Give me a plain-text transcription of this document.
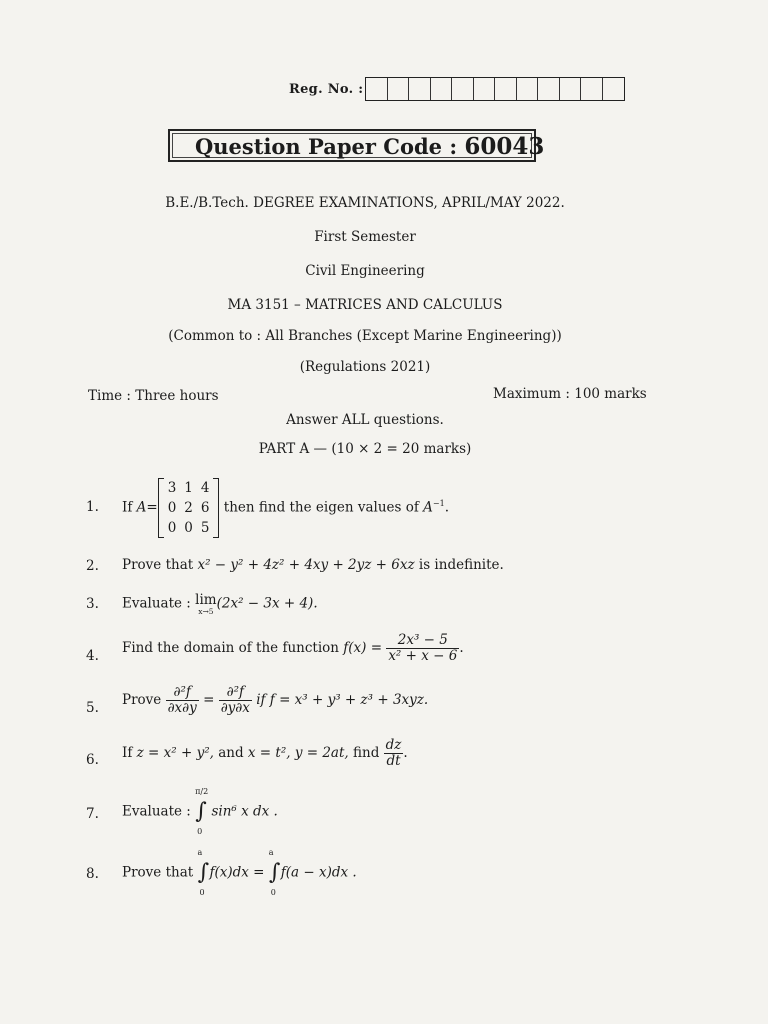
Reg. No. :
Question Paper Code : 60043
B.E./B.Tech. DEGREE EXAMINATIONS, APRIL/MAY 2022.
First Semester
Civil Engineering
MA 3151 – MATRICES AND CALCULUS
(Common to : All Branches (Except Marine Engineering))
(Regulations 2021)
Time : Three hours	Maximum : 100 marks
Answer ALL questions.
PART A — (10 × 2 = 20 marks)
1. If A=
3	1	4
0	2	6
0	0	5
then find the eigen values of $A^{-1}$.
2. Prove that x² − y² + 4z² + 4xy + 2yz + 6xz is indefinite.
3. Evaluate : lim
x→5 (2x² − 3x + 4).
4. Find the domain of the function $f(x) = \frac{\text{2x³ − 5}}{\text{x² + x − 6}}$ .
5. Prove $\frac{\text{∂²f}}{\partial x\partial y} = \frac{\text{∂²f}}{\partial y\partial x}$ if f = x³ + y³ + z³ + 3xyz.
6. If z = x² + y², and x = t², y = 2at, find $\frac{dz}{dt}$ .
7. Evaluate :
π/2
∫
0
sin⁶ x dx .
8. Prove that
a
∫
0
f(x)dx =
a
∫
0
f(a − x)dx .
